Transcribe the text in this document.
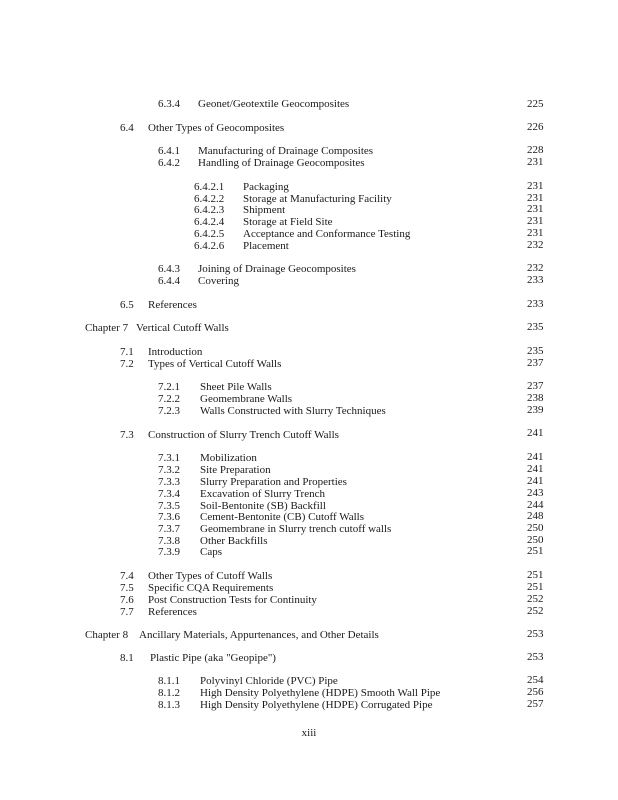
6.3.4 Geonet/Geotextile Geocomposites	225
6.4 Other Types of Geocomposites	226
6.4.1 Manufacturing of Drainage Composites	228
6.4.2 Handling of Drainage Geocomposites	231
6.4.2.1 Packaging	231
6.4.2.2 Storage at Manufacturing Facility	231
6.4.2.3 Shipment	231
6.4.2.4 Storage at Field Site	231
6.4.2.5 Acceptance and Conformance Testing	231
6.4.2.6 Placement	232
6.4.3 Joining of Drainage Geocomposites	232
6.4.4 Covering	233
6.5 References	233
Chapter 7 Vertical Cutoff Walls	235
7.1 Introduction	235
7.2 Types of Vertical Cutoff Walls	237
7.2.1 Sheet Pile Walls	237
7.2.2 Geomembrane Walls	238
7.2.3 Walls Constructed with Slurry Techniques	239
7.3 Construction of Slurry Trench Cutoff Walls	241
7.3.1 Mobilization	241
7.3.2 Site Preparation	241
7.3.3 Slurry Preparation and Properties	241
7.3.4 Excavation of Slurry Trench	243
7.3.5 Soil-Bentonite (SB) Backfill	244
7.3.6 Cement-Bentonite (CB) Cutoff Walls	248
7.3.7 Geomembrane in Slurry trench cutoff walls	250
7.3.8 Other Backfills	250
7.3.9 Caps	251
7.4 Other Types of Cutoff Walls	251
7.5 Specific CQA Requirements	251
7.6 Post Construction Tests for Continuity	252
7.7 References	252
Chapter 8 Ancillary Materials, Appurtenances, and Other Details	253
8.1 Plastic Pipe (aka "Geopipe")	253
8.1.1 Polyvinyl Chloride (PVC) Pipe	254
8.1.2 High Density Polyethylene (HDPE) Smooth Wall Pipe	256
8.1.3 High Density Polyethylene (HDPE) Corrugated Pipe	257
xiii
